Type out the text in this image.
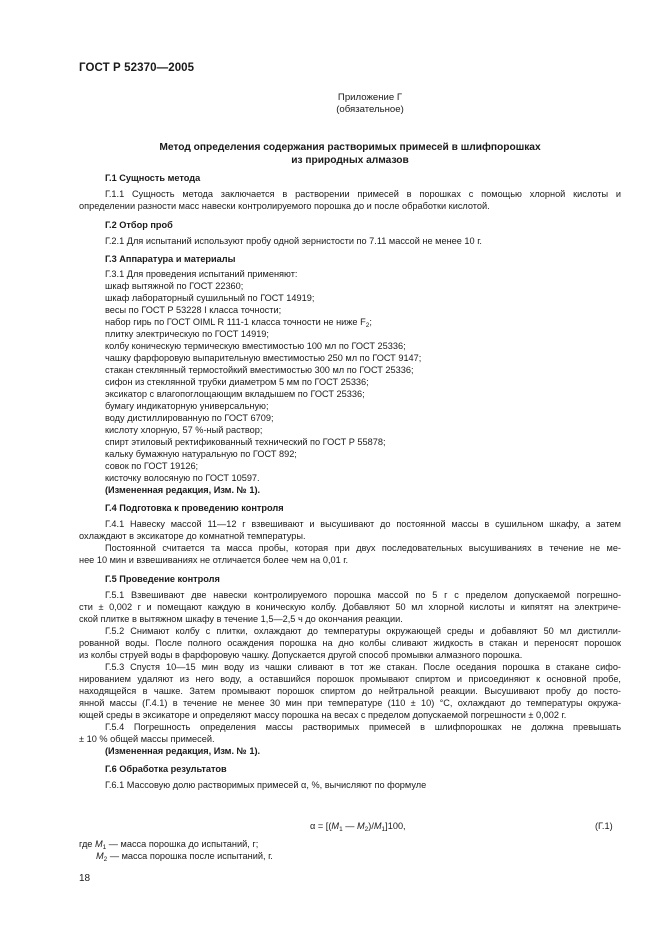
ГОСТ Р 52370—2005
Приложение Г
(обязательное)
Метод определения содержания растворимых примесей в шлифпорошках
из природных алмазов
Г.1 Сущность метода
Г.1.1 Сущность метода заключается в растворении примесей в порошках с помощью хлорной кислоты и
определении разности масс навески контролируемого порошка до и после обработки кислотой.
Г.2 Отбор проб
Г.2.1 Для испытаний используют пробу одной зернистости по 7.11 массой не менее 10 г.
Г.3 Аппаратура и материалы
Г.3.1 Для проведения испытаний применяют:
шкаф вытяжной по ГОСТ 22360;
шкаф лабораторный сушильный по ГОСТ 14919;
весы по ГОСТ Р 53228 I класса точности;
набор гирь по ГОСТ OIML R 111-1 класса точности не ниже $F_2$;
плитку электрическую по ГОСТ 14919;
колбу коническую термическую вместимостью 100 мл по ГОСТ 25336;
чашку фарфоровую выпарительную вместимостью 250 мл по ГОСТ 9147;
стакан стеклянный термостойкий вместимостью 300 мл по ГОСТ 25336;
сифон из стеклянной трубки диаметром 5 мм по ГОСТ 25336;
эксикатор с влагопоглощающим вкладышем по ГОСТ 25336;
бумагу индикаторную универсальную;
воду дистиллированную по ГОСТ 6709;
кислоту хлорную, 57 %-ный раствор;
спирт этиловый ректификованный технический по ГОСТ Р 55878;
кальку бумажную натуральную по ГОСТ 892;
совок по ГОСТ 19126;
кисточку волосяную по ГОСТ 10597.
(Измененная редакция, Изм. № 1).
Г.4 Подготовка к проведению контроля
Г.4.1 Навеску массой 11—12 г взвешивают и высушивают до постоянной массы в сушильном шкафу, а затем
охлаждают в эксикаторе до комнатной температуры.
Постоянной считается та масса пробы, которая при двух последовательных высушиваниях в течение не ме-
нее 10 мин и взвешиваниях не отличается более чем на 0,01 г.
Г.5 Проведение контроля
Г.5.1 Взвешивают две навески контролируемого порошка массой по 5 г с пределом допускаемой погрешно-
сти ± 0,002 г и помещают каждую в коническую колбу. Добавляют 50 мл хлорной кислоты и кипятят на электриче-
ской плитке в вытяжном шкафу в течение 1,5—2,5 ч до окончания реакции.
Г.5.2 Снимают колбу с плитки, охлаждают до температуры окружающей среды и добавляют 50 мл дистилли-
рованной воды. После полного осаждения порошка на дно колбы сливают жидкость в стакан и переносят порошок
из колбы струей воды в фарфоровую чашку. Допускается другой способ промывки алмазного порошка.
Г.5.3 Спустя 10—15 мин воду из чашки сливают в тот же стакан. После оседания порошка в стакане сифо-
нированием удаляют из него воду, а оставшийся порошок промывают спиртом и присоединяют к основной пробе,
находящейся в чашке. Затем промывают порошок спиртом до нейтральной реакции. Высушивают пробу до посто-
янной массы (Г.4.1) в течение не менее 30 мин при температуре (110 ± 10) °С, охлаждают до температуры окружа-
ющей среды в эксикаторе и определяют массу порошка на весах с пределом допускаемой погрешности ± 0,002 г.
Г.5.4 Погрешность определения массы растворимых примесей в шлифпорошках не должна превышать
± 10 % общей массы примесей.
(Измененная редакция, Изм. № 1).
Г.6 Обработка результатов
Г.6.1 Массовую долю растворимых примесей α, %, вычисляют по формуле
$\alpha = [(M_1$ — $M_2)/M_1]100$,	(Г.1)
где $M_1$ — масса порошка до испытаний, г;
$M_2$ — масса порошка после испытаний, г.
18
